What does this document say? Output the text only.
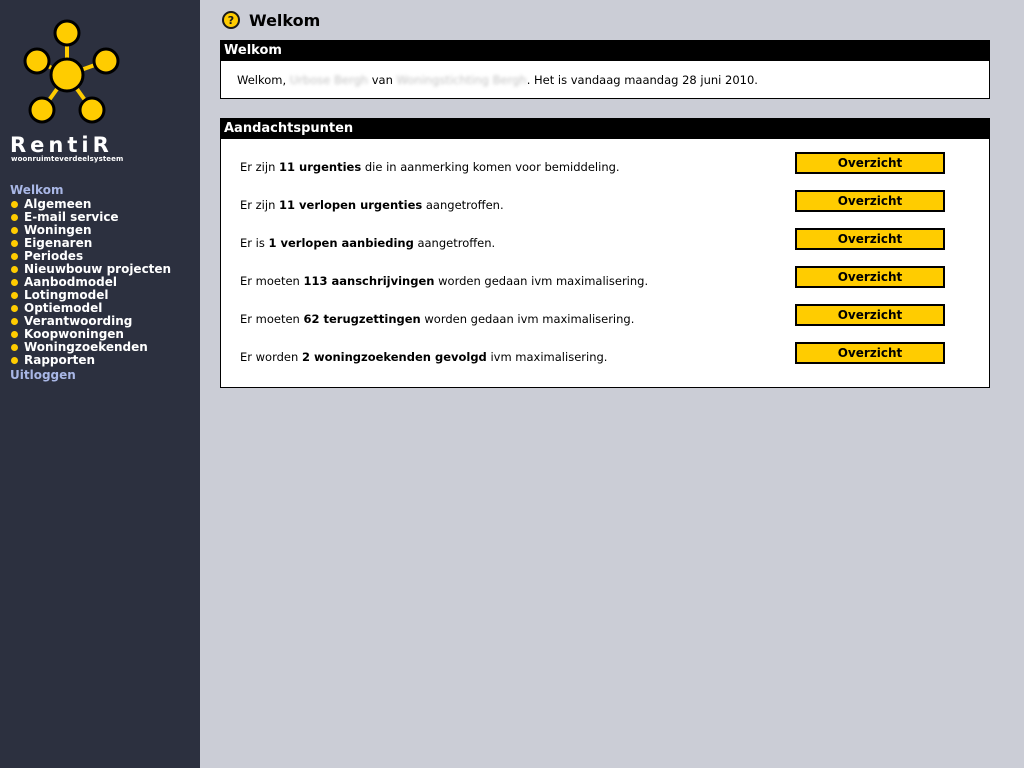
RentiR
woonruimteverdeelsysteem
Welkom
Algemeen
E-mail service
Woningen
Eigenaren
Periodes
Nieuwbouw projecten
Aanbodmodel
Lotingmodel
Optiemodel
Verantwoording
Koopwoningen
Woningzoekenden
Rapporten
Uitloggen
? Welkom
Welkom
Welkom, Urbose Bergh van Woningstichting Bergh. Het is vandaag maandag 28 juni 2010.
Aandachtspunten
Er zijn 11 urgenties die in aanmerking komen voor bemiddeling.	Overzicht
Er zijn 11 verlopen urgenties aangetroffen.	Overzicht
Er is 1 verlopen aanbieding aangetroffen.	Overzicht
Er moeten 113 aanschrijvingen worden gedaan ivm maximalisering.	Overzicht
Er moeten 62 terugzettingen worden gedaan ivm maximalisering.	Overzicht
Er worden 2 woningzoekenden gevolgd ivm maximalisering.	Overzicht
